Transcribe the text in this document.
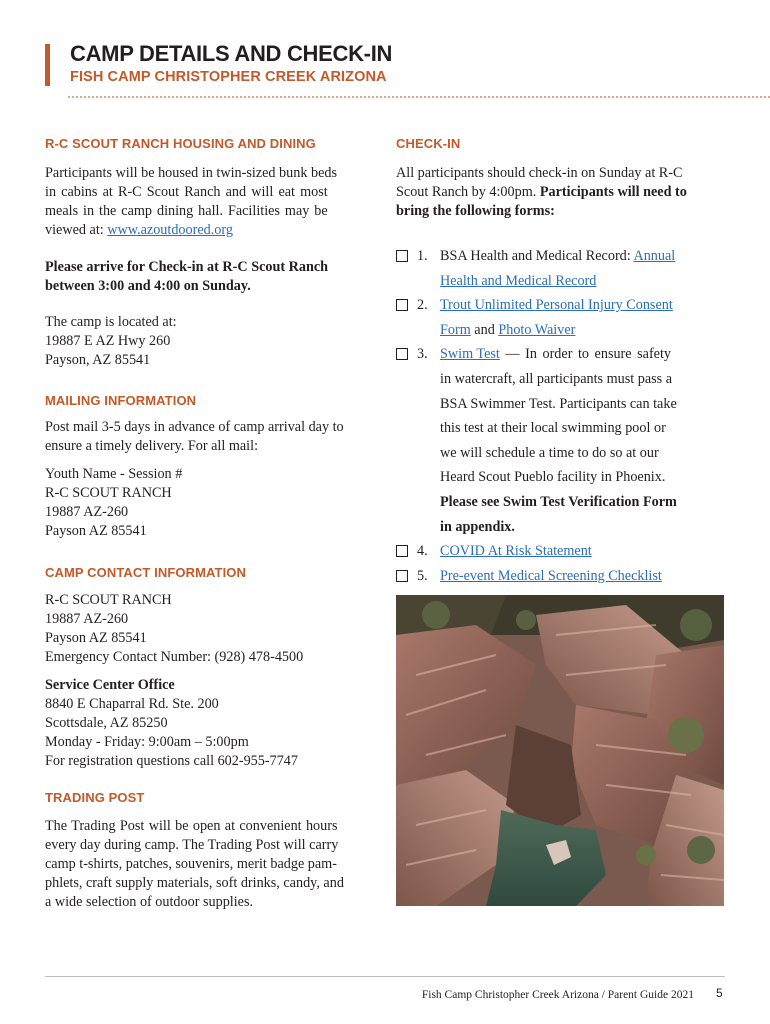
CAMP DETAILS AND CHECK-IN
FISH CAMP CHRISTOPHER CREEK ARIZONA
R-C SCOUT RANCH HOUSING AND DINING

Participants will be housed in twin-sized bunk beds
in cabins at R-C Scout Ranch and will eat most
meals in the camp dining hall. Facilities may be
viewed at: www.azoutdoored.org

Please arrive for Check-in at R-C Scout Ranch
between 3:00 and 4:00 on Sunday.

The camp is located at:
19887 E AZ Hwy 260
Payson, AZ 85541

MAILING INFORMATION

Post mail 3-5 days in advance of camp arrival day to
ensure a timely delivery. For all mail:

Youth Name - Session #
R-C SCOUT RANCH
19887 AZ-260
Payson AZ 85541

CAMP CONTACT INFORMATION

R-C SCOUT RANCH
19887 AZ-260
Payson AZ 85541
Emergency Contact Number: (928) 478-4500

Service Center Office
8840 E Chaparral Rd. Ste. 200
Scottsdale, AZ 85250
Monday - Friday: 9:00am – 5:00pm
For registration questions call 602-955-7747

TRADING POST

The Trading Post will be open at convenient hours
every day during camp. The Trading Post will carry
camp t-shirts, patches, souvenirs, merit badge pam-
phlets, craft supply materials, soft drinks, candy, and
a wide selection of outdoor supplies.

CHECK-IN

All participants should check-in on Sunday at R-C
Scout Ranch by 4:00pm. Participants will need to
bring the following forms:

1. BSA Health and Medical Record: Annual
Health and Medical Record
2. Trout Unlimited Personal Injury Consent
Form and Photo Waiver
3. Swim Test — In order to ensure safety
in watercraft, all participants must pass a
BSA Swimmer Test. Participants can take
this test at their local swimming pool or
we will schedule a time to do so at our
Heard Scout Pueblo facility in Phoenix.
Please see Swim Test Verification Form
in appendix.
4. COVID At Risk Statement
5. Pre-event Medical Screening Checklist
Fish Camp Christopher Creek Arizona / Parent Guide 2021 5
